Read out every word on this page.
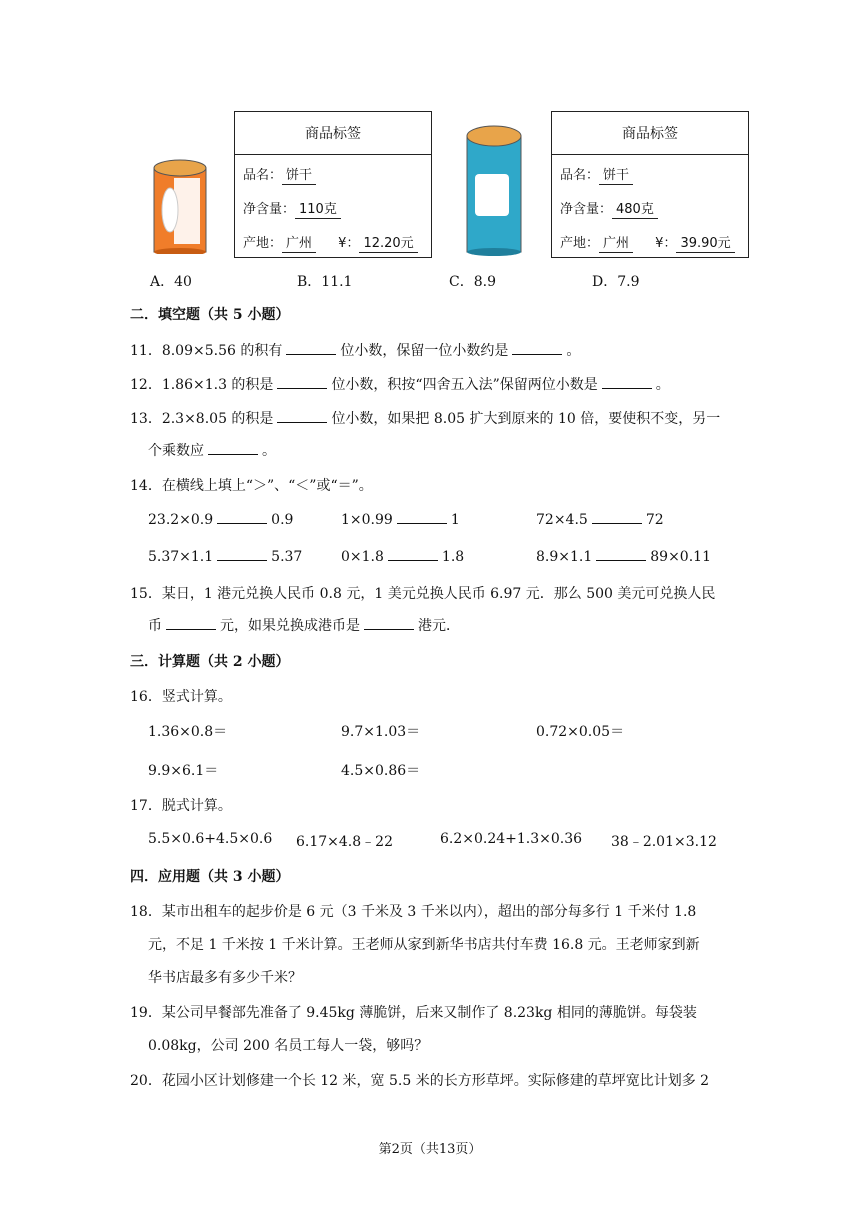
商品标签
品名： 饼干
净含量： 110克
产地： 广州 ¥： 12.20元
商品标签
品名： 饼干
净含量： 480克
产地： 广州 ¥： 39.90元
A．40	B．11.1	C．8.9	D．7.9
二．填空题（共 5 小题）
11．8.09×5.56 的积有	位小数，保留一位小数约是	。
12．1.86×1.3 的积是	位小数，积按“四舍五入法”保留两位小数是	。
13．2.3×8.05 的积是	位小数，如果把 8.05 扩大到原来的 10 倍，要使积不变，另一
个乘数应	。
14．在横线上填上“＞”、“＜”或“＝”。
23.2×0.9	0.9	1×0.99	1	72×4.5	72
5.37×1.1	5.37	0×1.8	1.8	8.9×1.1	89×0.11
15．某日，1 港元兑换人民币 0.8 元，1 美元兑换人民币 6.97 元．那么 500 美元可兑换人民
币	元，如果兑换成港币是	港元．
三．计算题（共 2 小题）
16．竖式计算。
1.36×0.8＝	9.7×1.03＝	0.72×0.05＝
9.9×6.1＝	4.5×0.86＝
17．脱式计算。
5.5×0.6+4.5×0.6 6.17×4.8﹣22	6.2×0.24+1.3×0.36 38﹣2.01×3.12
四．应用题（共 3 小题）
18．某市出租车的起步价是 6 元（3 千米及 3 千米以内），超出的部分每多行 1 千米付 1.8
元，不足 1 千米按 1 千米计算。王老师从家到新华书店共付车费 16.8 元。王老师家到新
华书店最多有多少千米？
19．某公司早餐部先准备了 9.45kg 薄脆饼，后来又制作了 8.23kg 相同的薄脆饼。每袋装
0.08kg，公司 200 名员工每人一袋，够吗？
20．花园小区计划修建一个长 12 米，宽 5.5 米的长方形草坪。实际修建的草坪宽比计划多 2
第2页（共13页）
